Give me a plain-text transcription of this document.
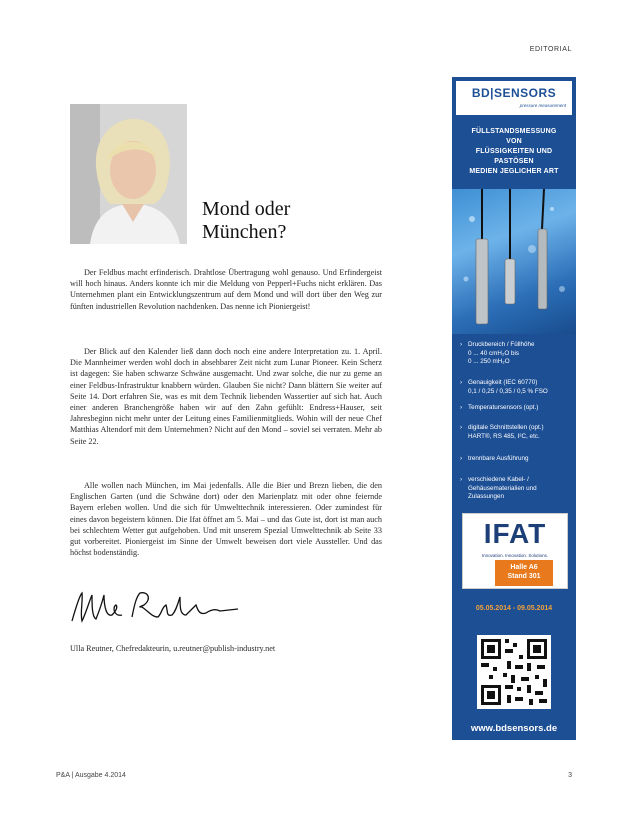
EDITORIAL
Mond oder
München?

Der Feldbus macht erfinderisch. Drahtlose Übertragung wohl genauso. Und Erfindergeist will hoch hinaus. Anders konnte ich mir die Meldung von Pepperl+Fuchs nicht erklären. Das Unternehmen plant ein Entwicklungszentrum auf dem Mond und will dort über den Weg zur fünften industriellen Revolution nachdenken. Das nenne ich Pioniergeist!

Der Blick auf den Kalender ließ dann doch noch eine andere Interpretation zu. 1. April. Die Mannheimer werden wohl doch in absehbarer Zeit nicht zum Lunar Pioneer. Kein Scherz ist dagegen: Sie haben schwarze Schwäne ausgemacht. Und zwar solche, die nur zu gerne an einer Feldbus-Infrastruktur knabbern würden. Glauben Sie nicht? Dann blättern Sie weiter auf Seite 14. Dort erfahren Sie, was es mit dem Technik liebenden Wassertier auf sich hat. Auch einer anderen Branchengröße haben wir auf den Zahn gefühlt: Endress+Hauser, seit Jahresbeginn nicht mehr unter der Leitung eines Familienmitglieds. Wohin will der neue Chef Matthias Altendorf mit dem Unternehmen? Nicht auf den Mond – soviel sei verraten. Mehr ab Seite 22.

Alle wollen nach München, im Mai jedenfalls. Alle die Bier und Brezn lieben, die den Englischen Garten (und die Schwäne dort) oder den Marienplatz mit oder ohne feiernde Bayern erleben wollen. Und die sich für Umwelttechnik interessieren. Oder zumindest für eines davon begeistern können. Die Ifat öffnet am 5. Mai – und das Gute ist, dort ist man auch bei schlechtem Wetter gut aufgehoben. Und mit unserem Spezial Umwelttechnik ab Seite 33 gut vorbereitet. Pioniergeist im Sinne der Umwelt beweisen dort viele Aussteller. Und das höchst bodenständig.

Ulla Reutner, Chefredakteurin, u.reutner@publish-industry.net
BD|SENSORS
pressure measurement
FÜLLSTANDSMESSUNG
VON
FLÜSSIGKEITEN UND PASTÖSEN
MEDIEN JEGLICHER ART
› Druckbereich / Füllhöhe
0 ... 40 cmH₂O bis
0 ... 250 mH₂O
› Genauigkeit (IEC 60770)
0,1 / 0,25 / 0,35 / 0,5 % FSO
› Temperatursensors (opt.)
› digitale Schnittstellen (opt.)
HART®, RS 485, I²C, etc.
› trennbare Ausführung
› verschiedene Kabel- /
Gehäusematerialien und
Zulassungen
IFAT
Innovation. Innovation. Solutions.
Halle A6
Stand 301
05.05.2014 - 09.05.2014
www.bdsensors.de
P&A | Ausgabe 4.2014	3
